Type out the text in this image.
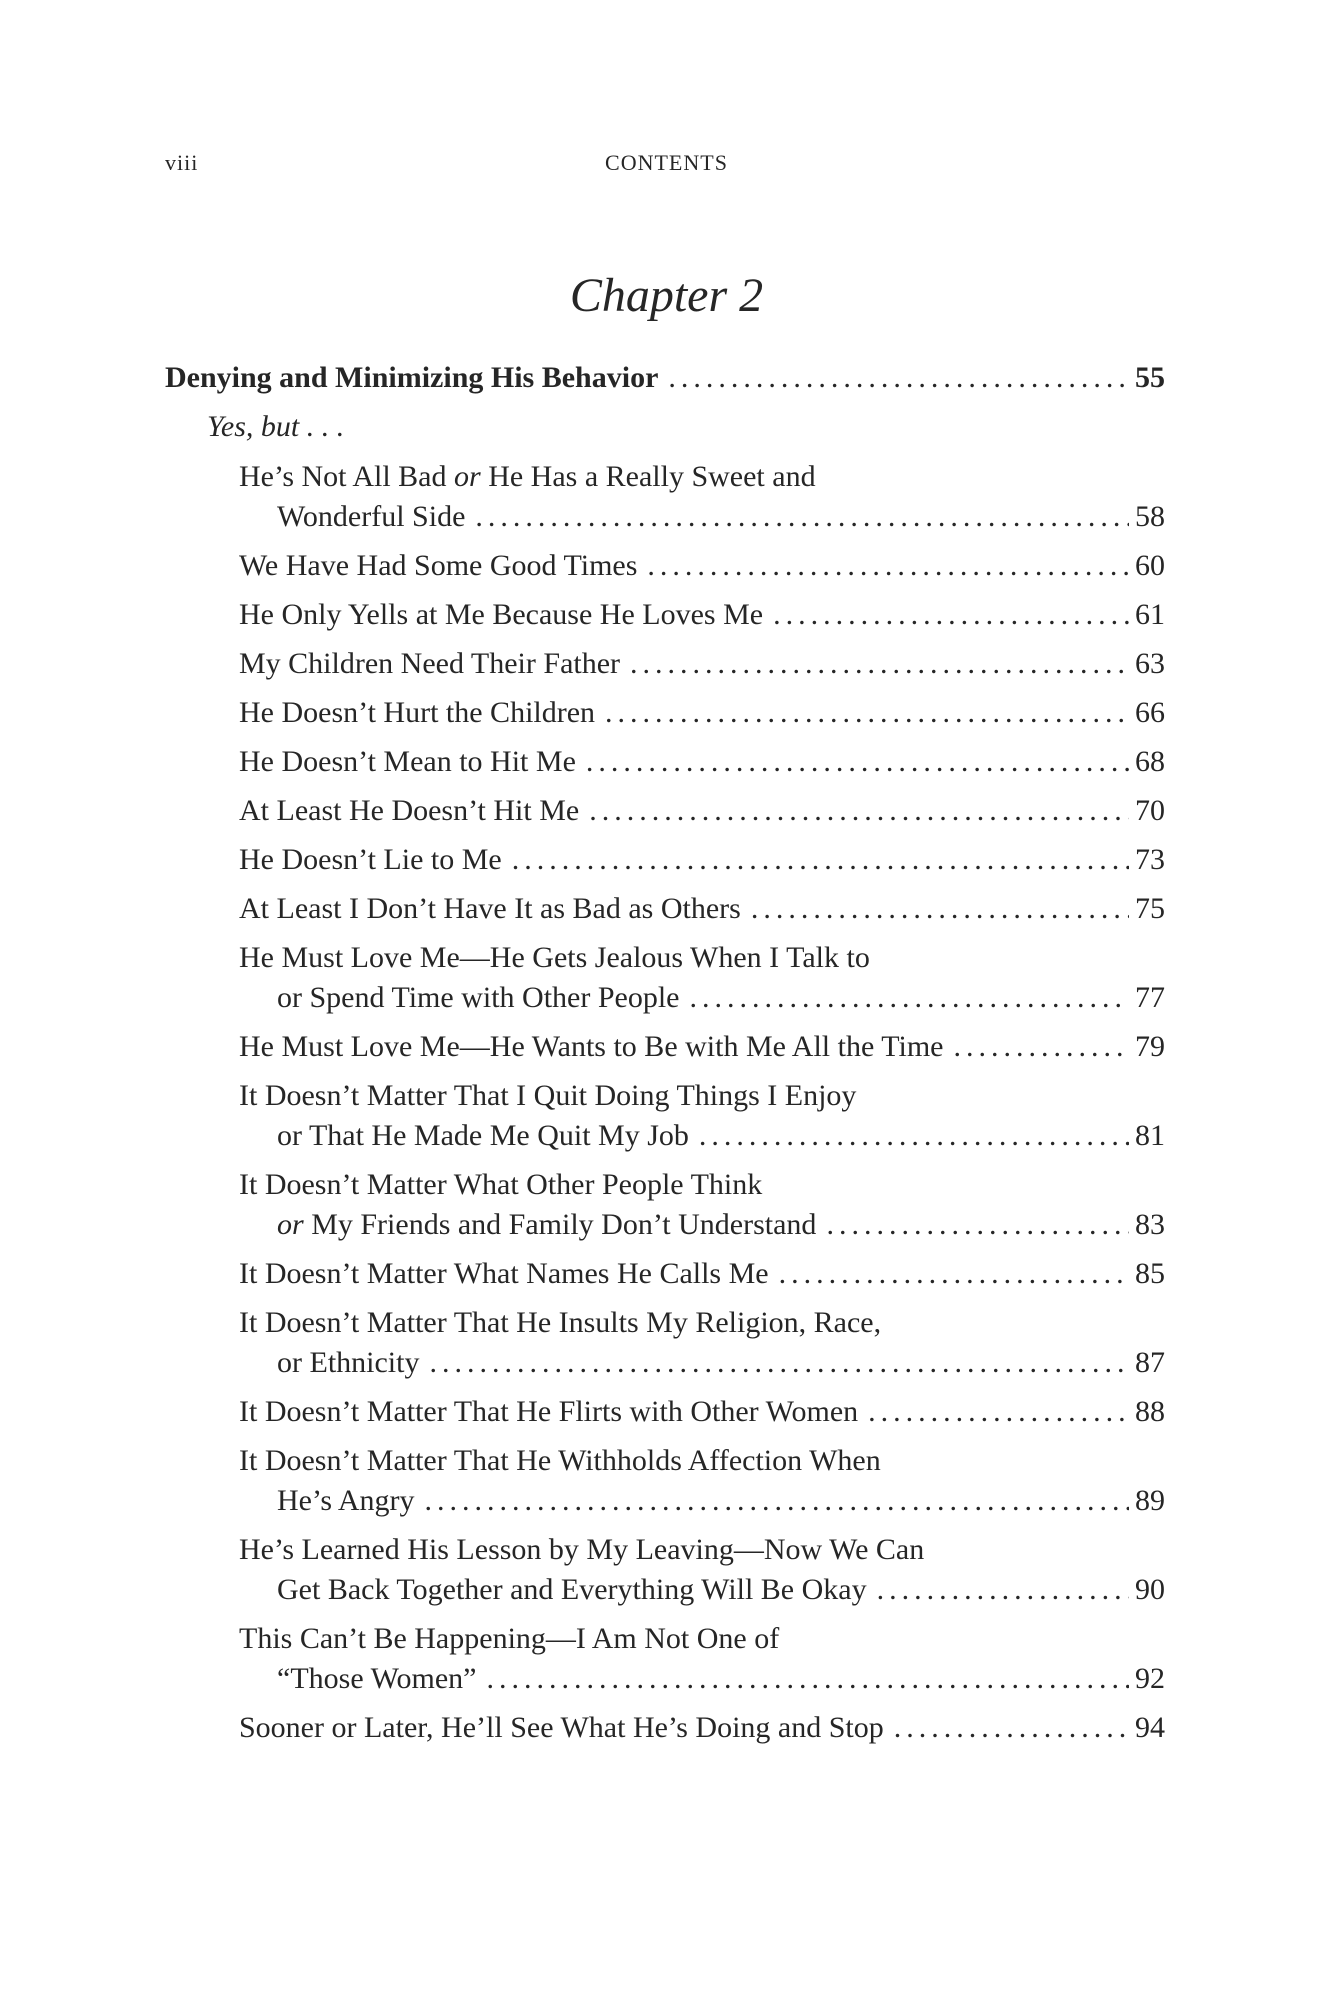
viii	CONTENTS
Chapter 2
Denying and Minimizing His Behavior .....	55
Yes, but . . .
He’s Not All Bad or He Has a Really Sweet and
Wonderful Side .....	58
We Have Had Some Good Times .....	60
He Only Yells at Me Because He Loves Me .....	61
My Children Need Their Father .....	63
He Doesn’t Hurt the Children .....	66
He Doesn’t Mean to Hit Me .....	68
At Least He Doesn’t Hit Me .....	70
He Doesn’t Lie to Me .....	73
At Least I Don’t Have It as Bad as Others .....	75
He Must Love Me—He Gets Jealous When I Talk to
or Spend Time with Other People .....	77
He Must Love Me—He Wants to Be with Me All the Time .....	79
It Doesn’t Matter That I Quit Doing Things I Enjoy
or That He Made Me Quit My Job .....	81
It Doesn’t Matter What Other People Think
or My Friends and Family Don’t Understand .....	83
It Doesn’t Matter What Names He Calls Me .....	85
It Doesn’t Matter That He Insults My Religion, Race,
or Ethnicity .....	87
It Doesn’t Matter That He Flirts with Other Women .....	88
It Doesn’t Matter That He Withholds Affection When
He’s Angry .....	89
He’s Learned His Lesson by My Leaving—Now We Can
Get Back Together and Everything Will Be Okay .....	90
This Can’t Be Happening—I Am Not One of
“Those Women” .....	92
Sooner or Later, He’ll See What He’s Doing and Stop .....	94
